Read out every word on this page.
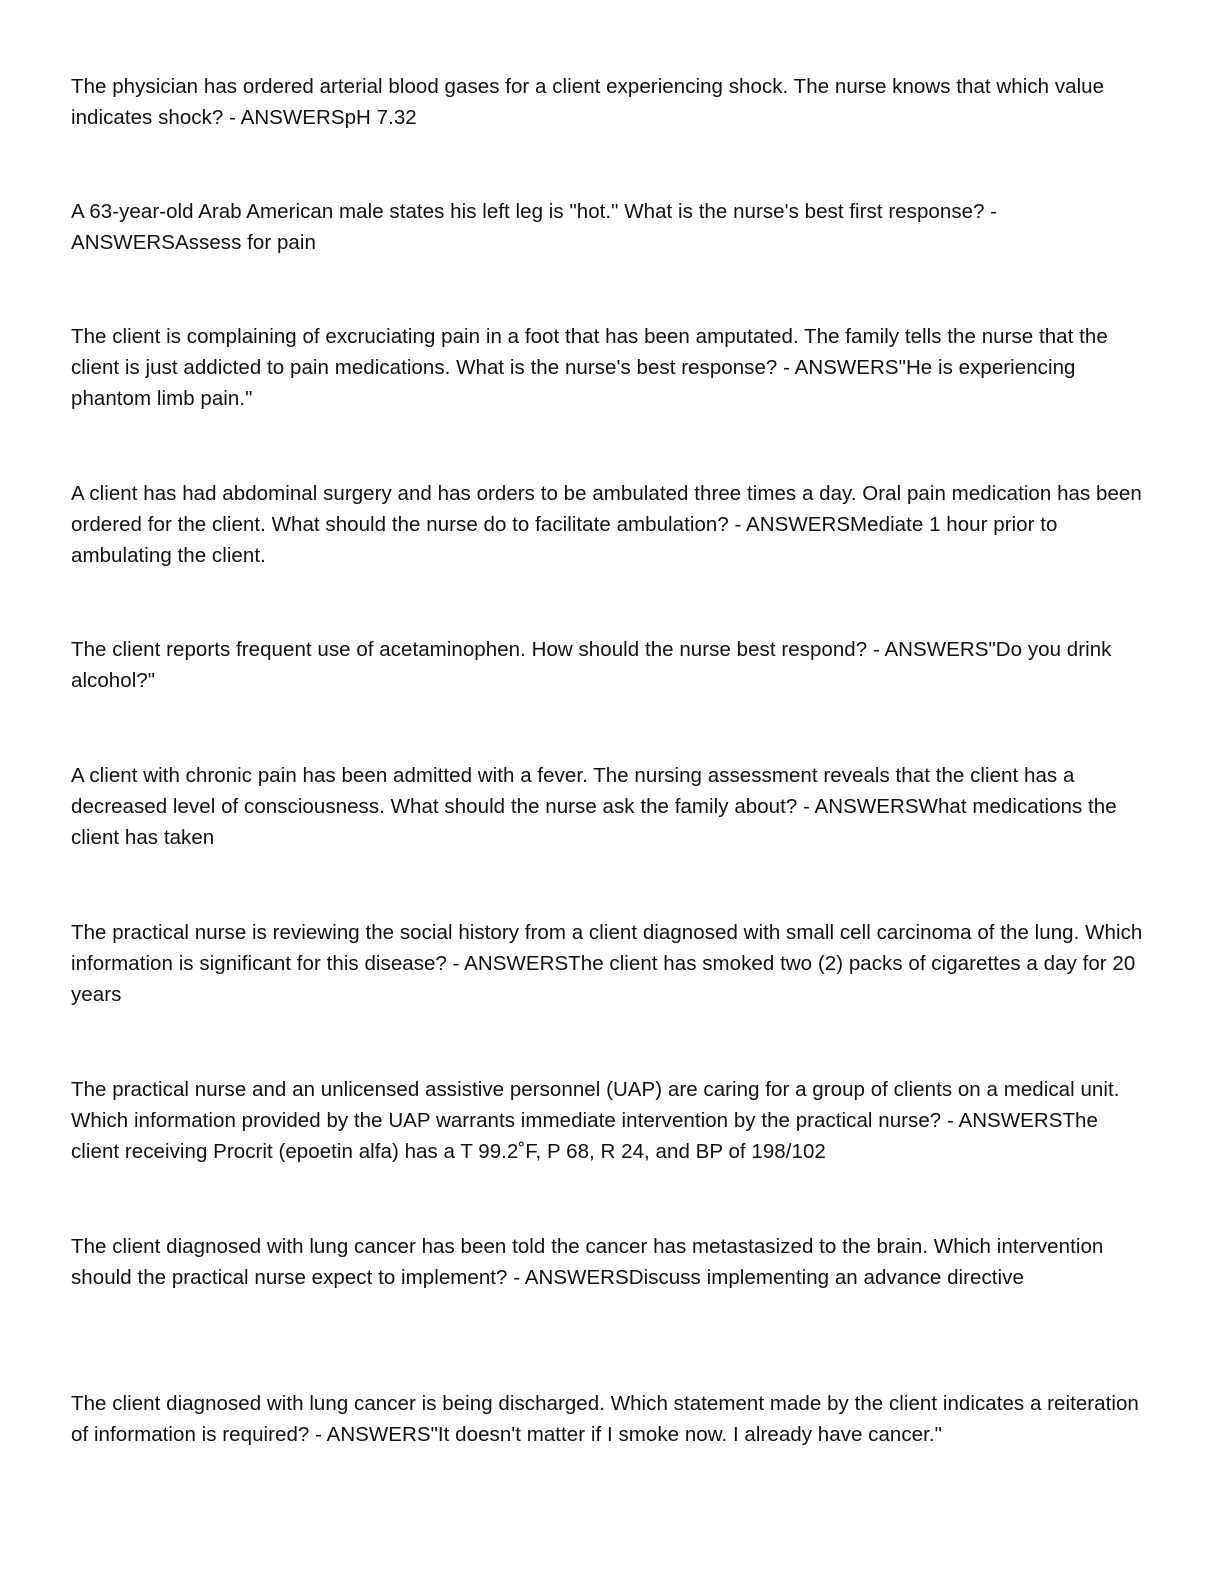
The physician has ordered arterial blood gases for a client experiencing shock. The nurse knows that which value indicates shock? - ANSWERSpH 7.32

A 63-year-old Arab American male states his left leg is "hot." What is the nurse's best first response? - ANSWERSAssess for pain

The client is complaining of excruciating pain in a foot that has been amputated. The family tells the nurse that the client is just addicted to pain medications. What is the nurse's best response? - ANSWERS"He is experiencing phantom limb pain."

A client has had abdominal surgery and has orders to be ambulated three times a day. Oral pain medication has been ordered for the client. What should the nurse do to facilitate ambulation? - ANSWERSMediate 1 hour prior to ambulating the client.

The client reports frequent use of acetaminophen. How should the nurse best respond? - ANSWERS"Do you drink alcohol?"

A client with chronic pain has been admitted with a fever. The nursing assessment reveals that the client has a decreased level of consciousness. What should the nurse ask the family about? - ANSWERSWhat medications the client has taken

The practical nurse is reviewing the social history from a client diagnosed with small cell carcinoma of the lung. Which information is significant for this disease? - ANSWERSThe client has smoked two (2) packs of cigarettes a day for 20 years

The practical nurse and an unlicensed assistive personnel (UAP) are caring for a group of clients on a medical unit. Which information provided by the UAP warrants immediate intervention by the practical nurse? - ANSWERSThe client receiving Procrit (epoetin alfa) has a T 99.2˚F, P 68, R 24, and BP of 198/102

The client diagnosed with lung cancer has been told the cancer has metastasized to the brain. Which intervention should the practical nurse expect to implement? - ANSWERSDiscuss implementing an advance directive

The client diagnosed with lung cancer is being discharged. Which statement made by the client indicates a reiteration of information is required? - ANSWERS"It doesn't matter if I smoke now. I already have cancer."
